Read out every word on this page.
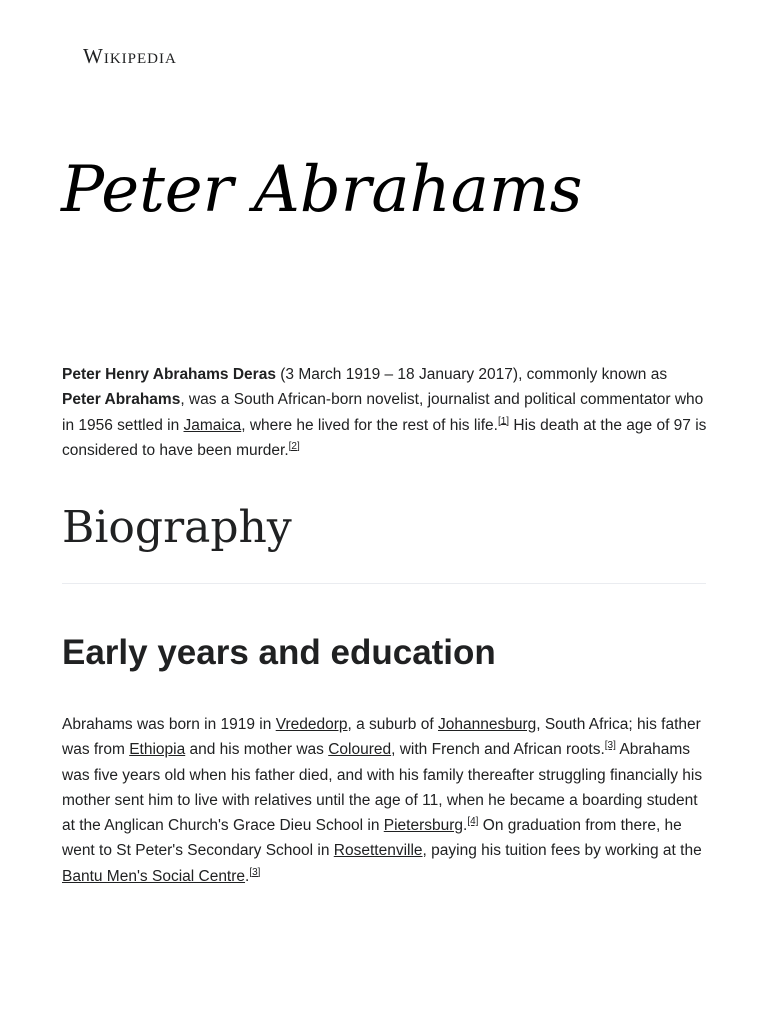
Wikipedia
Peter Abrahams

Peter Henry Abrahams Deras (3 March 1919 – 18 January 2017), commonly known as Peter Abrahams, was a South African-born novelist, journalist and political commentator who in 1956 settled in Jamaica, where he lived for the rest of his life.[1] His death at the age of 97 is considered to have been murder.[2]

Biography
Early years and education

Abrahams was born in 1919 in Vrededorp, a suburb of Johannesburg, South Africa; his father was from Ethiopia and his mother was Coloured, with French and African roots.[3] Abrahams was five years old when his father died, and with his family thereafter struggling financially his mother sent him to live with relatives until the age of 11, when he became a boarding student at the Anglican Church's Grace Dieu School in Pietersburg.[4] On graduation from there, he went to St Peter's Secondary School in Rosettenville, paying his tuition fees by working at the Bantu Men's Social Centre.[3]
